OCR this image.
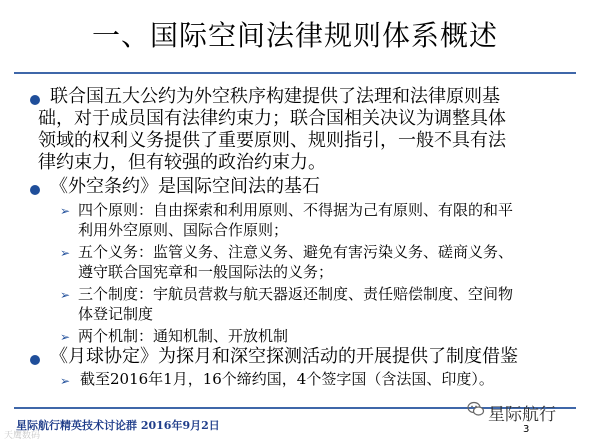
一、国际空间法律规则体系概述
联合国五大公约为外空秩序构建提供了法理和法律原则基
础，对于成员国有法律约束力；联合国相关决议为调整具体
领域的权利义务提供了重要原则、规则指引，一般不具有法
律约束力，但有较强的政治约束力。
《外空条约》是国际空间法的基石
➢ 四个原则：自由探索和利用原则、不得据为己有原则、有限的和平
利用外空原则、国际合作原则；
➢ 五个义务：监管义务、注意义务、避免有害污染义务、磋商义务、
遵守联合国宪章和一般国际法的义务；
➢ 三个制度：宇航员营救与航天器返还制度、责任赔偿制度、空间物
体登记制度
➢ 两个机制：通知机制、开放机制
《月球协定》为探月和深空探测活动的开展提供了制度借鉴
➢ 截至2016年1月，16个缔约国，4个签字国（含法国、印度）。
星际航行
星际航行精英技术讨论群 2016年9月2日	3
天鹰数码
